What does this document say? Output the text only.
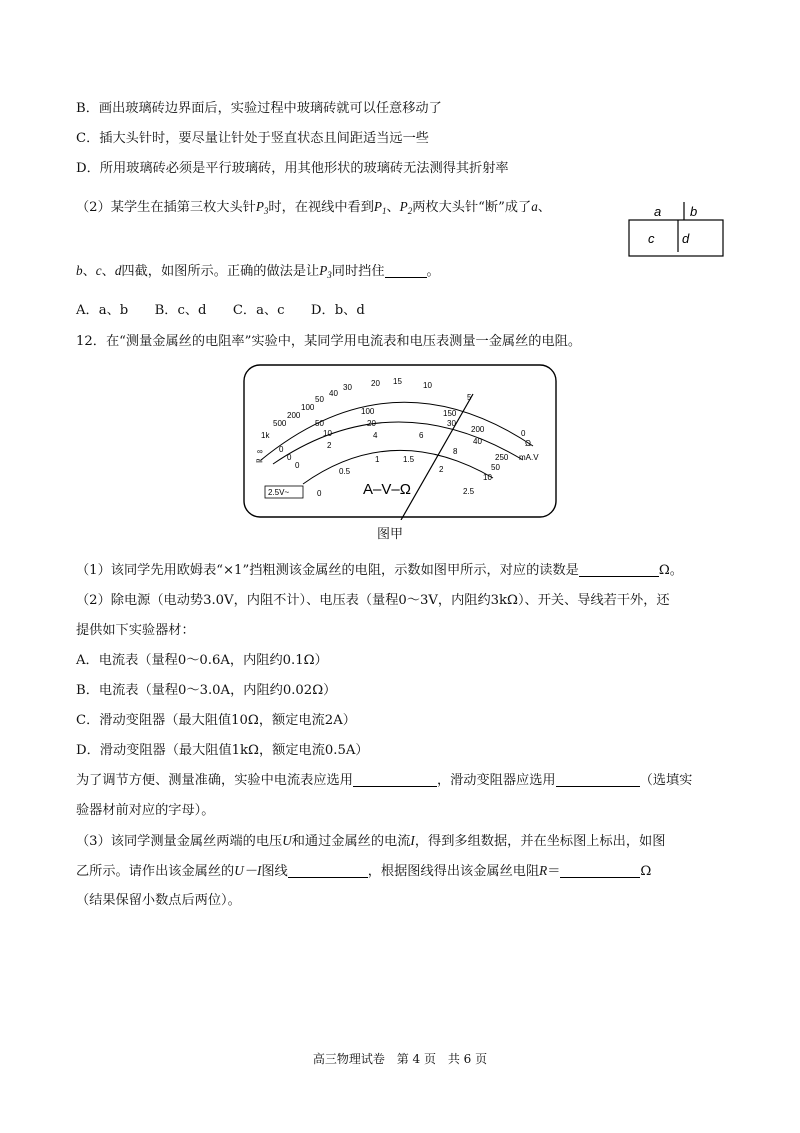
B．画出玻璃砖边界面后，实验过程中玻璃砖就可以任意移动了
C．插大头针时，要尽量让针处于竖直状态且间距适当远一些
D．所用玻璃砖必须是平行玻璃砖，用其他形状的玻璃砖无法测得其折射率
（2）某学生在插第三枚大头针$P_3$时，在视线中看到$P_1$、$P_2$两枚大头针“断”成了a、	a b
c d
b、c、d四截，如图所示。正确的做法是让$P_3$同时挡住	。
A．a、b　　B．c、d　　C．a、c　　D．b、d
12．在“测量金属丝的电阻率”实验中，某同学用电流表和电压表测量一金属丝的电阻。
∞
1k
500
200
100
50
40
30 20 15	10
5
0
Ω
0
50
100	150
200
250
0
10
20	30
40
50
0
2
4	6
8
10
mA.V
0
0.5
1	1.5
2
2.5
2.5V~
≃
A–V–Ω
图甲
（1）该同学先用欧姆表“×1”挡粗测该金属丝的电阻，示数如图甲所示，对应的读数是	Ω。
（2）除电源（电动势3.0V，内阻不计）、电压表（量程0～3V，内阻约3kΩ）、开关、导线若干外，还
提供如下实验器材：
A．电流表（量程0～0.6A，内阻约0.1Ω）
B．电流表（量程0～3.0A，内阻约0.02Ω）
C．滑动变阻器（最大阻值10Ω，额定电流2A）
D．滑动变阻器（最大阻值1kΩ，额定电流0.5A）
为了调节方便、测量准确，实验中电流表应选用	，滑动变阻器应选用	（选填实
验器材前对应的字母）。
（3）该同学测量金属丝两端的电压U和通过金属丝的电流I，得到多组数据，并在坐标图上标出，如图
乙所示。请作出该金属丝的U－I图线	，根据图线得出该金属丝电阻R＝	Ω
（结果保留小数点后两位）。
高三物理试卷 第 4 页 共 6 页
